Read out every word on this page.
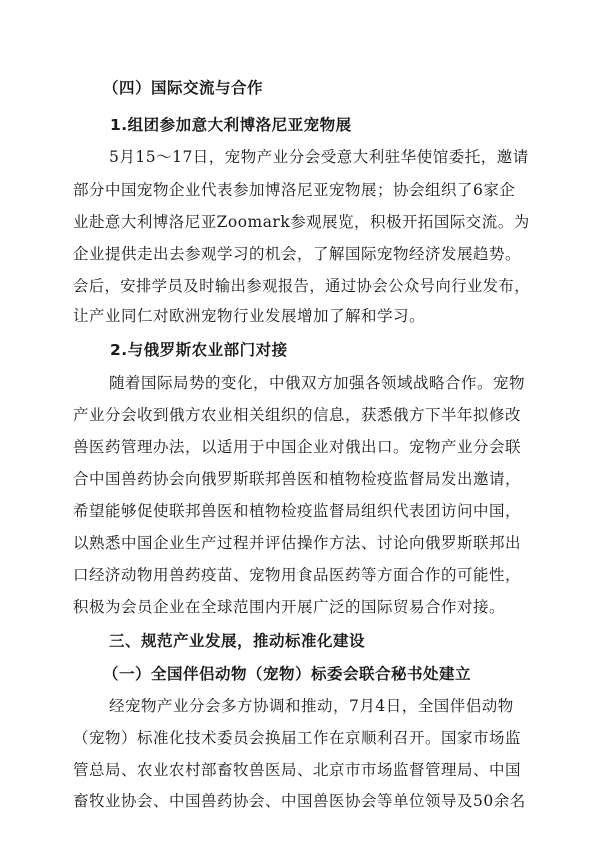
（四）国际交流与合作
1.组团参加意大利博洛尼亚宠物展
5月15～17日，宠物产业分会受意大利驻华使馆委托，邀请
部分中国宠物企业代表参加博洛尼亚宠物展；协会组织了6家企
业赴意大利博洛尼亚Zoomark参观展览，积极开拓国际交流。为
企业提供走出去参观学习的机会，了解国际宠物经济发展趋势。
会后，安排学员及时输出参观报告，通过协会公众号向行业发布，
让产业同仁对欧洲宠物行业发展增加了解和学习。
2.与俄罗斯农业部门对接
随着国际局势的变化，中俄双方加强各领域战略合作。宠物
产业分会收到俄方农业相关组织的信息，获悉俄方下半年拟修改
兽医药管理办法，以适用于中国企业对俄出口。宠物产业分会联
合中国兽药协会向俄罗斯联邦兽医和植物检疫监督局发出邀请，
希望能够促使联邦兽医和植物检疫监督局组织代表团访问中国，
以熟悉中国企业生产过程并评估操作方法、讨论向俄罗斯联邦出
口经济动物用兽药疫苗、宠物用食品医药等方面合作的可能性，
积极为会员企业在全球范围内开展广泛的国际贸易合作对接。
三、规范产业发展，推动标准化建设
（一）全国伴侣动物（宠物）标委会联合秘书处建立
经宠物产业分会多方协调和推动，7月4日，全国伴侣动物
（宠物）标准化技术委员会换届工作在京顺利召开。国家市场监
管总局、农业农村部畜牧兽医局、北京市市场监督管理局、中国
畜牧业协会、中国兽药协会、中国兽医协会等单位领导及50余名
